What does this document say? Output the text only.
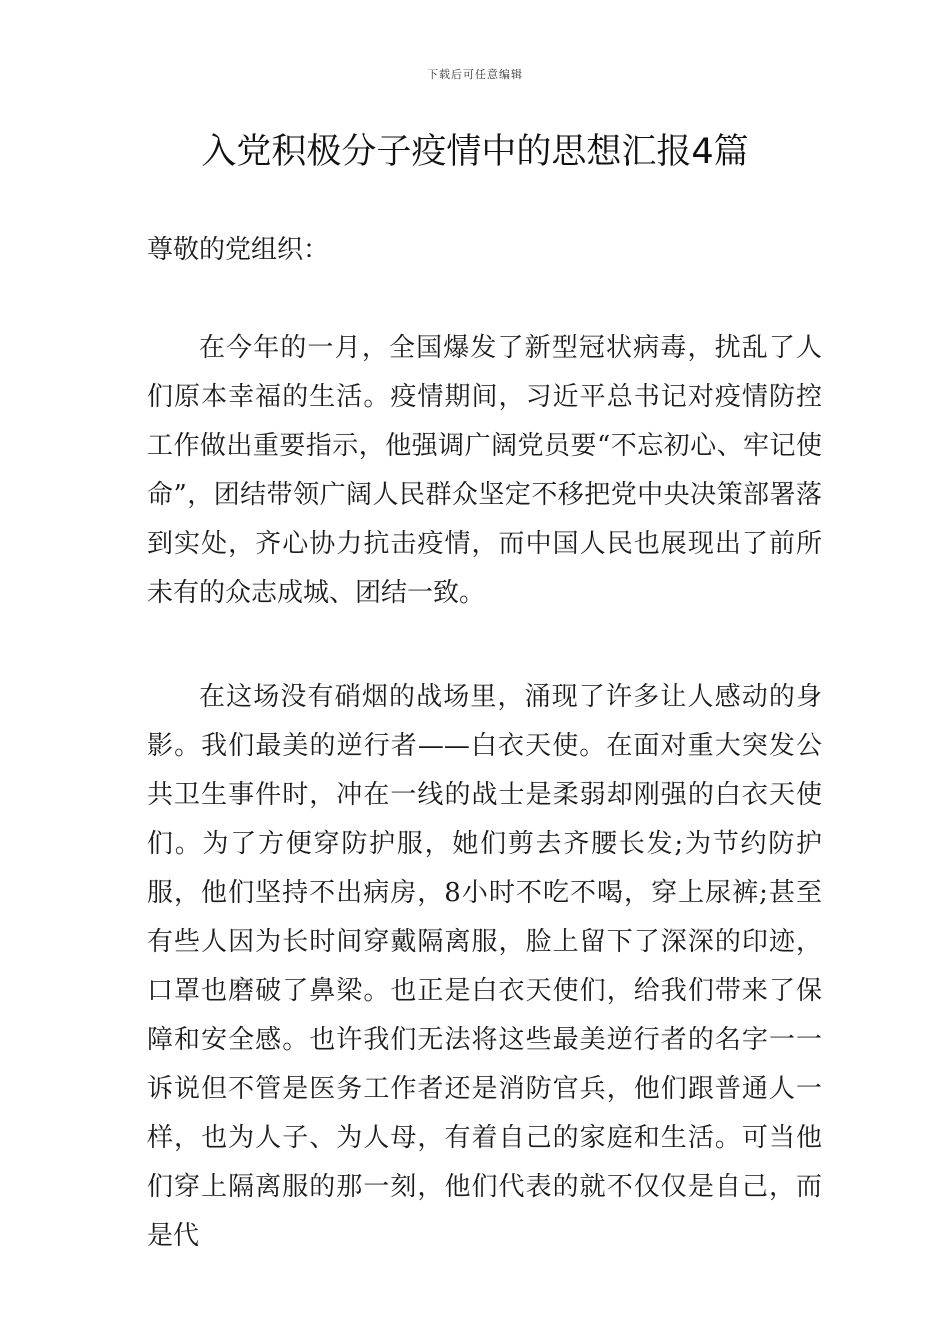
下载后可任意编辑
入党积极分子疫情中的思想汇报4篇

尊敬的党组织：

在今年的一月，全国爆发了新型冠状病毒，扰乱了人们原本幸福的生活。疫情期间，习近平总书记对疫情防控工作做出重要指示，他强调广阔党员要“不忘初心、牢记使命”，团结带领广阔人民群众坚定不移把党中央决策部署落到实处，齐心协力抗击疫情，而中国人民也展现出了前所未有的众志成城、团结一致。

在这场没有硝烟的战场里，涌现了许多让人感动的身影。我们最美的逆行者——白衣天使。在面对重大突发公共卫生事件时，冲在一线的战士是柔弱却刚强的白衣天使们。为了方便穿防护服，她们剪去齐腰长发;为节约防护服，他们坚持不出病房，8小时不吃不喝，穿上尿裤;甚至有些人因为长时间穿戴隔离服，脸上留下了深深的印迹，口罩也磨破了鼻梁。也正是白衣天使们，给我们带来了保障和安全感。也许我们无法将这些最美逆行者的名字一一诉说但不管是医务工作者还是消防官兵，他们跟普通人一样，也为人子、为人母，有着自己的家庭和生活。可当他们穿上隔离服的那一刻，他们代表的就不仅仅是自己，而是代
